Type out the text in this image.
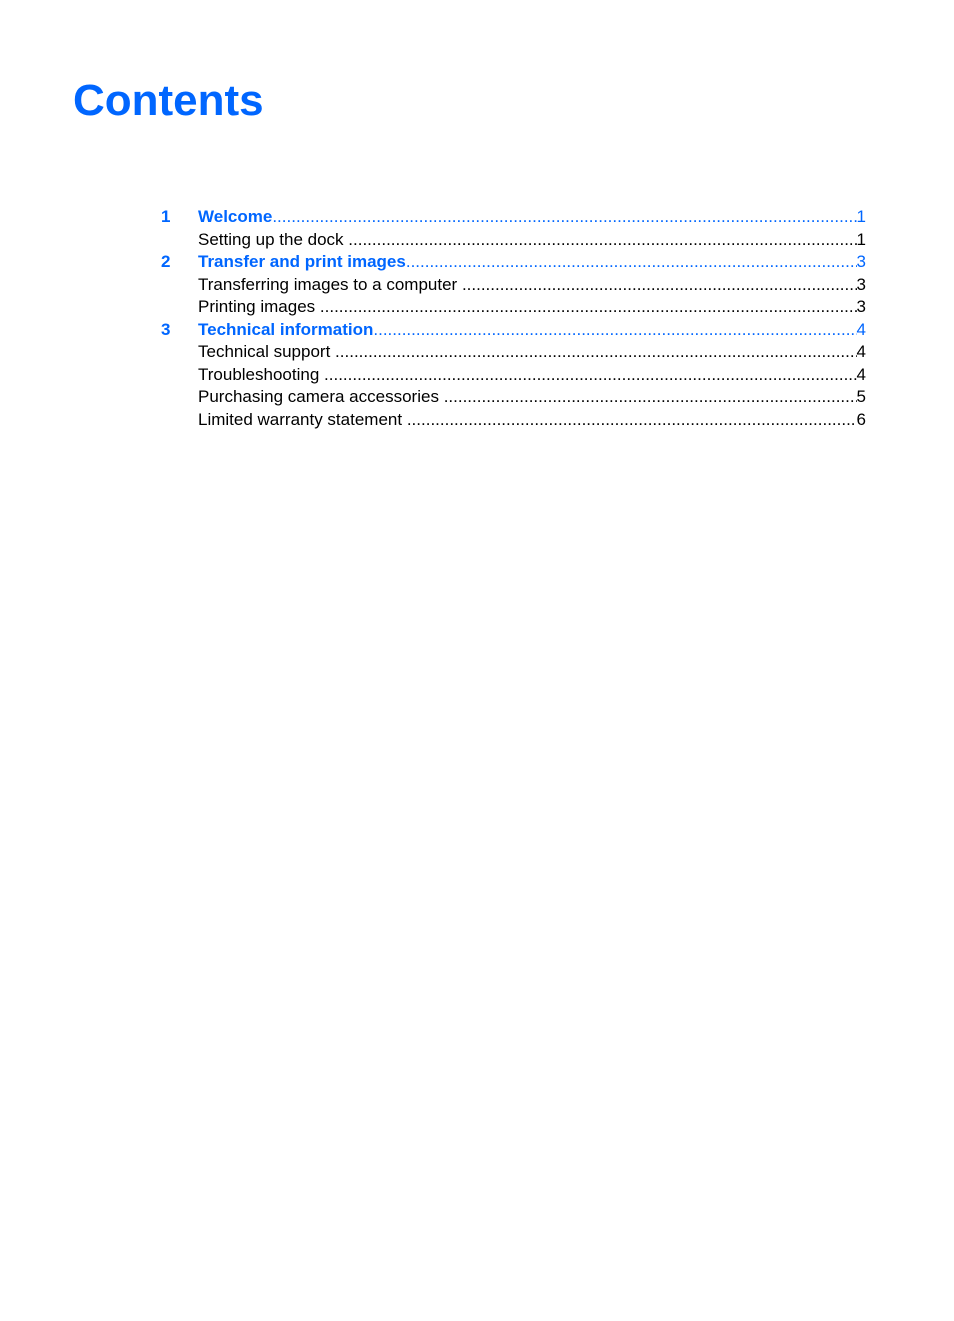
Contents
1	Welcome .....	1
Setting up the dock .....	1
2	Transfer and print images .....	3
Transferring images to a computer .....	3
Printing images .....	3
3	Technical information .....	4
Technical support .....	4
Troubleshooting .....	4
Purchasing camera accessories .....	5
Limited warranty statement .....	6
